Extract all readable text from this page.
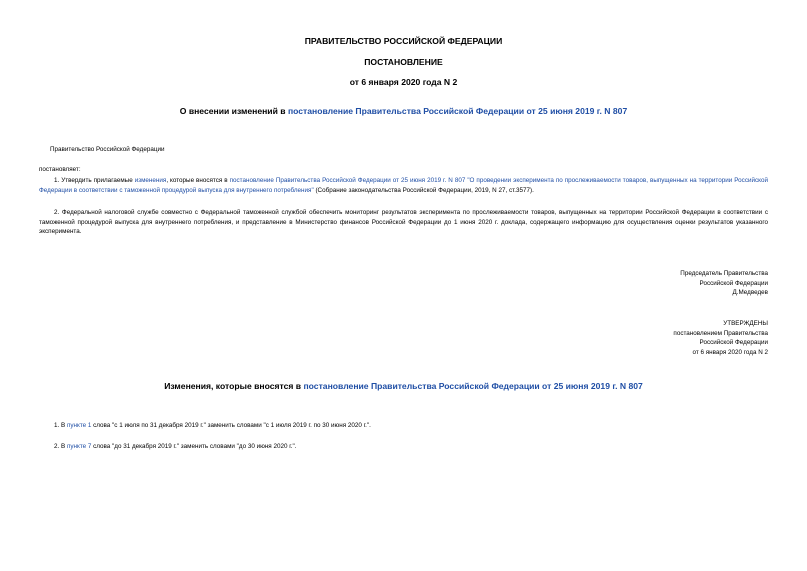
ПРАВИТЕЛЬСТВО РОССИЙСКОЙ ФЕДЕРАЦИИ
ПОСТАНОВЛЕНИЕ
от 6 января 2020 года N 2
О внесении изменений в постановление Правительства Российской Федерации от 25 июня 2019 г. N 807
Правительство Российской Федерации
постановляет:
1. Утвердить прилагаемые изменения, которые вносятся в постановление Правительства Российской Федерации от 25 июня 2019 г. N 807 "О проведении эксперимента по прослеживаемости товаров, выпущенных на территории Российской Федерации в соответствии с таможенной процедурой выпуска для внутреннего потребления" (Собрание законодательства Российской Федерации, 2019, N 27, ст.3577).
2. Федеральной налоговой службе совместно с Федеральной таможенной службой обеспечить мониторинг результатов эксперимента по прослеживаемости товаров, выпущенных на территории Российской Федерации в соответствии с таможенной процедурой выпуска для внутреннего потребления, и представление в Министерство финансов Российской Федерации до 1 июня 2020 г. доклада, содержащего информацию для осуществления оценки результатов указанного эксперимента.
Председатель Правительства
Российской Федерации
Д.Медведев
УТВЕРЖДЕНЫ
постановлением Правительства
Российской Федерации
от 6 января 2020 года N 2
Изменения, которые вносятся в постановление Правительства Российской Федерации от 25 июня 2019 г. N 807
1. В пункте 1 слова "с 1 июля по 31 декабря 2019 г." заменить словами "с 1 июля 2019 г. по 30 июня 2020 г.".
2. В пункте 7 слова "до 31 декабря 2019 г." заменить словами "до 30 июня 2020 г.".
